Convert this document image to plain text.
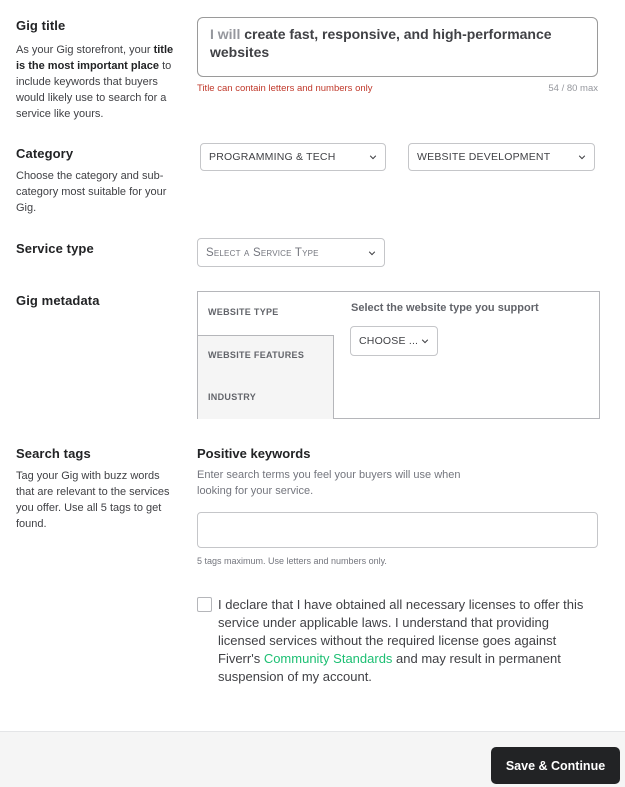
Gig title
As your Gig storefront, your title is the most important place to include keywords that buyers would likely use to search for a service like yours.
I will create fast, responsive, and high-performance websites
Title can contain letters and numbers only	54 / 80 max
Category
Choose the category and sub-category most suitable for your Gig.
PROGRAMMING & TECH	WEBSITE DEVELOPMENT
Service type	Select a Service Type
Gig metadata
WEBSITE TYPE
WEBSITE FEATURES
INDUSTRY
Select the website type you support
CHOOSE ...
Search tags
Tag your Gig with buzz words that are relevant to the services you offer. Use all 5 tags to get found.
Positive keywords
Enter search terms you feel your buyers will use when looking for your service.
5 tags maximum. Use letters and numbers only.
I declare that I have obtained all necessary licenses to offer this service under applicable laws. I understand that providing licensed services without the required license goes against Fiverr's Community Standards and may result in permanent suspension of my account.
Save & Continue
